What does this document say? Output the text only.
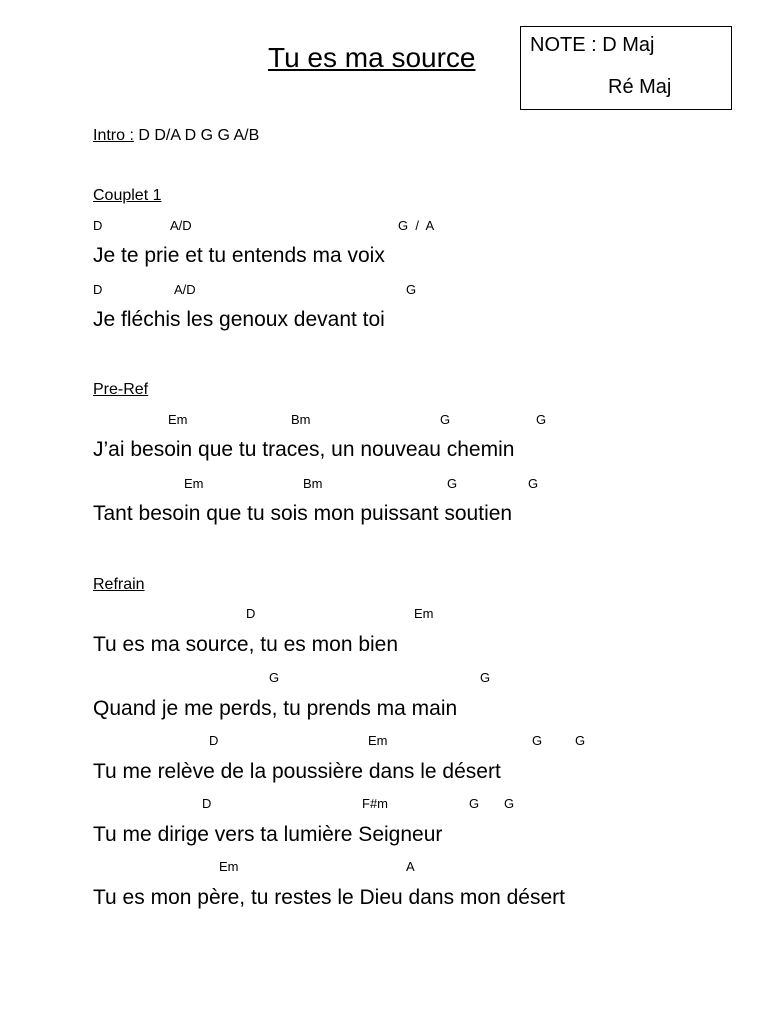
Tu es ma source	NOTE : D Maj
Ré Maj
Intro : D D/A D G G A/B
Couplet 1
D	A/D	G  /  A
Je te prie et tu entends ma voix
D	A/D	G
Je fléchis les genoux devant toi
Pre-Ref
Em	Bm	G	G
J’ai besoin que tu traces, un nouveau chemin
Em	Bm	G	G
Tant besoin que tu sois mon puissant soutien
Refrain
D	Em
Tu es ma source, tu es mon bien
G	G
Quand je me perds, tu prends ma main
D	Em	G	G
Tu me relève de la poussière dans le désert
D	F#m	G G
Tu me dirige vers ta lumière Seigneur
Em	A
Tu es mon père, tu restes le Dieu dans mon désert
